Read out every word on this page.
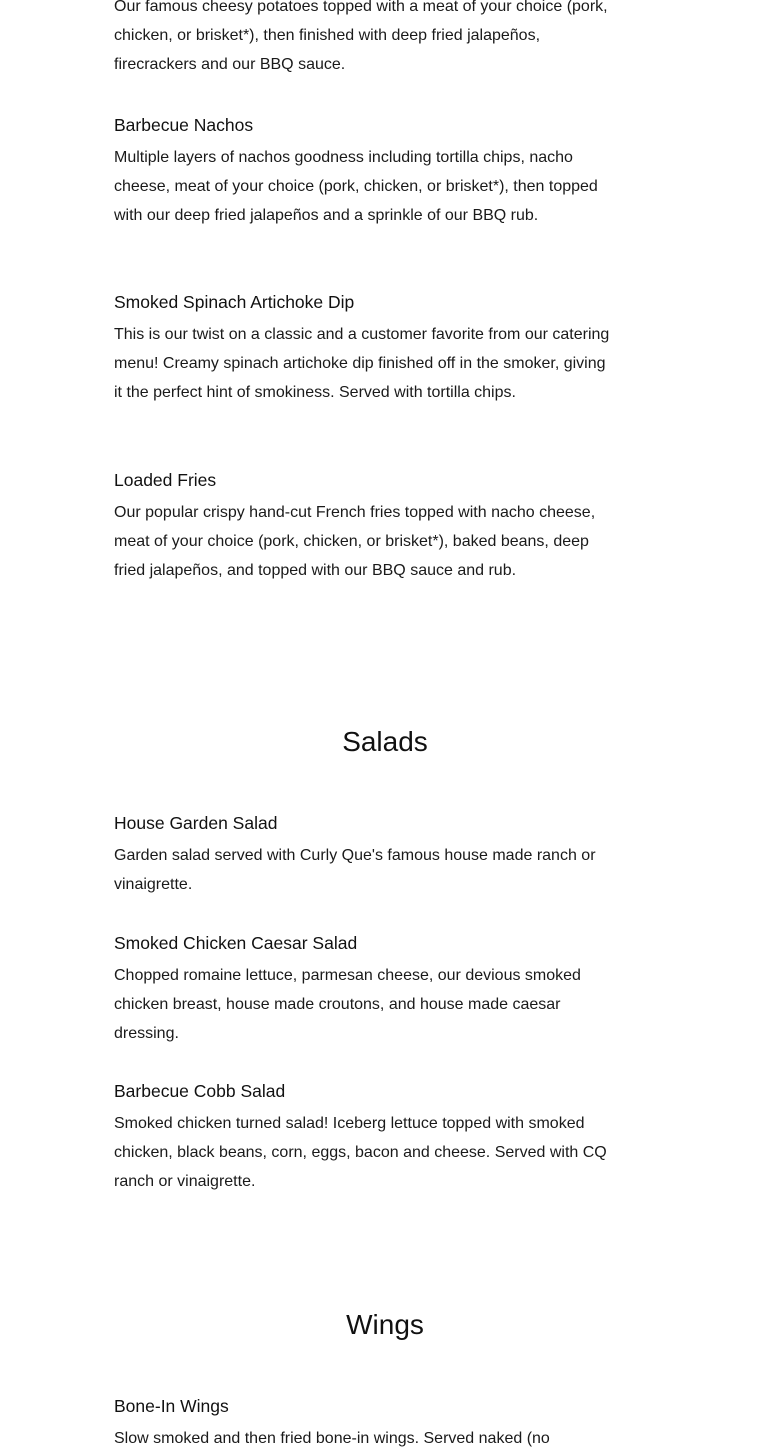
Our famous cheesy potatoes topped with a meat of your choice (pork, chicken, or brisket*), then finished with deep fried jalapeños, firecrackers and our BBQ sauce.

Barbecue Nachos

Multiple layers of nachos goodness including tortilla chips, nacho cheese, meat of your choice (pork, chicken, or brisket*), then topped with our deep fried jalapeños and a sprinkle of our BBQ rub.

Smoked Spinach Artichoke Dip

This is our twist on a classic and a customer favorite from our catering menu! Creamy spinach artichoke dip finished off in the smoker, giving it the perfect hint of smokiness. Served with tortilla chips.

Loaded Fries

Our popular crispy hand-cut French fries topped with nacho cheese, meat of your choice (pork, chicken, or brisket*), baked beans, deep fried jalapeños, and topped with our BBQ sauce and rub.

Salads
House Garden Salad

Garden salad served with Curly Que's famous house made ranch or vinaigrette.

Smoked Chicken Caesar Salad

Chopped romaine lettuce, parmesan cheese, our devious smoked chicken breast, house made croutons, and house made caesar dressing.

Barbecue Cobb Salad

Smoked chicken turned salad! Iceberg lettuce topped with smoked chicken, black beans, corn, eggs, bacon and cheese. Served with CQ ranch or vinaigrette.

Wings
Bone-In Wings

Slow smoked and then fried bone-in wings. Served naked (no
